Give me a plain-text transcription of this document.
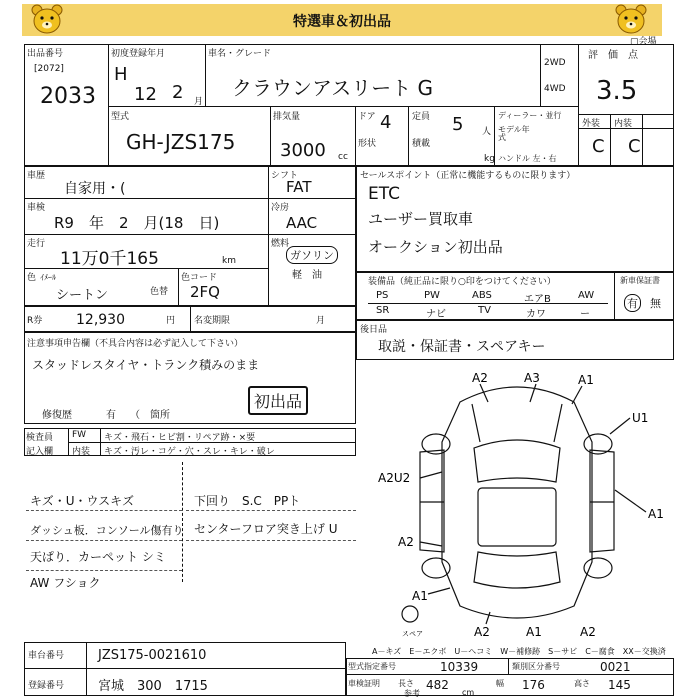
特選車＆初出品
▢会場
出品番号
[2072]
2033
初度登録年月
H
12 2 月
車名・グレード
クラウンアスリート G
2WD
4WD
評　価　点
3.5
型式
GH-JZS175
排気量
3000 cc
ドア 4
形状
定員 5 人
積載
kg
ディーラー・並行
モデル年式
ハンドル 左・右
外装 内装
C C
車歴
自家用・(
車検
R9　年　2　月(18　日)
走行
11万0千165	km
色 ｲﾒｰﾙ
シートン	色替
色コード
2FQ
シフト
FAT
冷房
AAC
燃料
ガソリン
軽　油
セールスポイント（正常に機能するものに限ります）
ETC
ユーザー買取車
オークション初出品
装備品（純正品に限り○印をつけてください）	新車保証書
有 無
PS	PW	ABS	エアB	AW
SR	ナビ	TV	カワ	ー
R券 12,930	円 名変期限	月
後日品
取説・保証書・スペアキー
注意事項申告欄（不具合内容は必ず記入して下さい）
スタッドレスタイヤ・トランク積みのまま
初出品
修復歴	有 （　箇所
検査員
記入欄
FW キズ・飛石・ヒビ割・リペア跡・×要
内装 キズ・汚レ・コゲ・穴・スレ・キレ・破レ
キズ・U・ウスキズ
ダッシュ板．コンソール傷有り
天ぱり．カーペット シミ
AW フショク
下回り　S.C　PPト
センターフロア突き上げ U
A2	A3	A1
U1
A2U2
A1
A2
A1
A2	A1	A2
スペア
A－キズ　E－エクボ　U－ヘコミ　W－補修跡　S－サビ　C－腐食　XX－交換済
車台番号	JZS175-0021610
登録番号	宮城　300　1715
型式指定番号	10339	類別区分番号	0021
車検証明 長さ 482	幅 176	高さ 145
cm
参考
